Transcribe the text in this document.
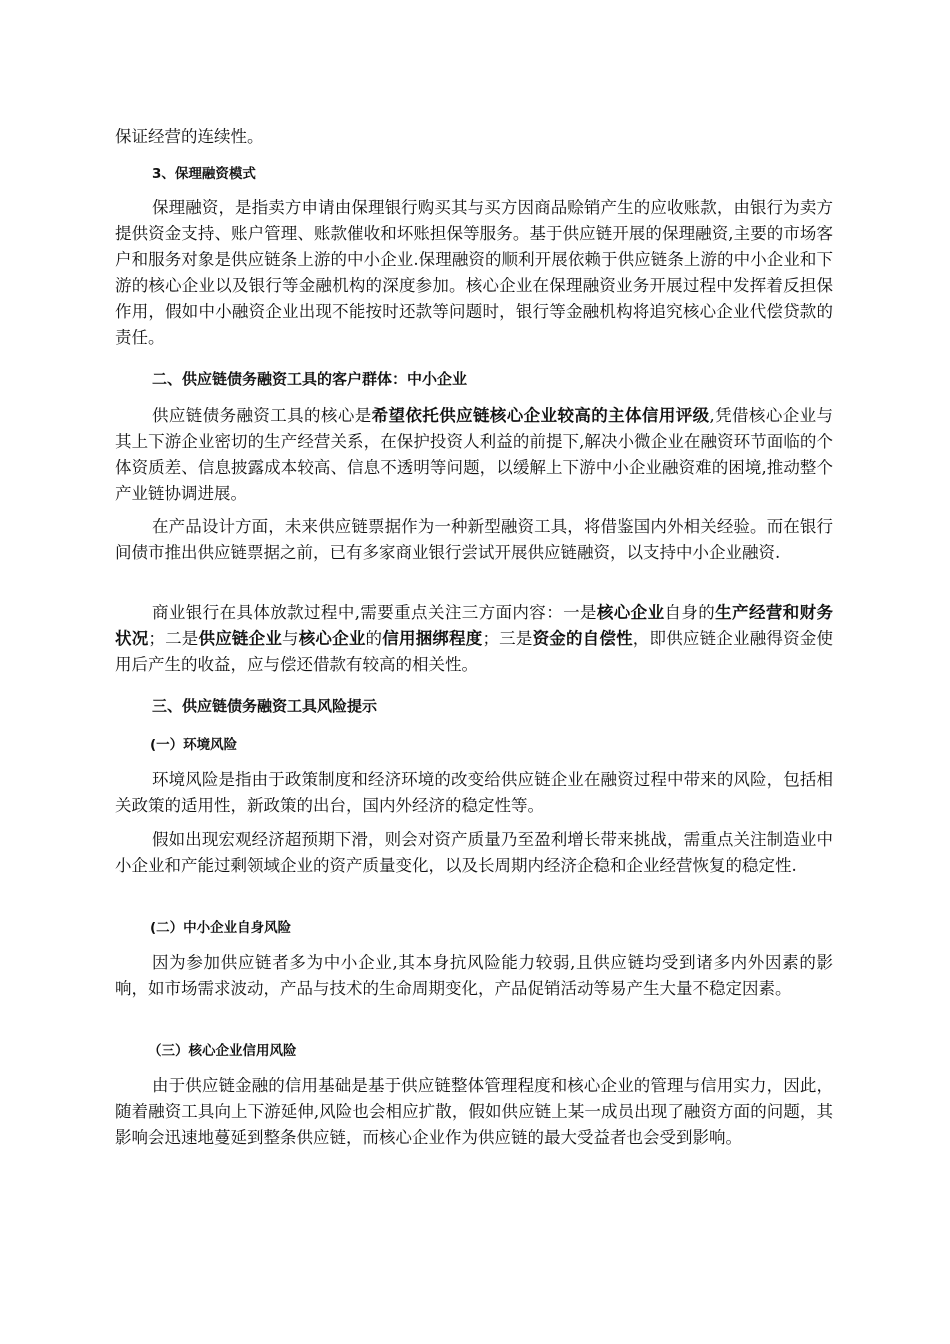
保证经营的连续性。

3、保理融资模式

保理融资，是指卖方申请由保理银行购买其与买方因商品赊销产生的应收账款，由银行为卖方提供资金支持、账户管理、账款催收和坏账担保等服务。基于供应链开展的保理融资,主要的市场客户和服务对象是供应链条上游的中小企业.保理融资的顺利开展依赖于供应链条上游的中小企业和下游的核心企业以及银行等金融机构的深度参加。核心企业在保理融资业务开展过程中发挥着反担保作用，假如中小融资企业出现不能按时还款等问题时，银行等金融机构将追究核心企业代偿贷款的责任。

二、供应链债务融资工具的客户群体：中小企业

供应链债务融资工具的核心是希望依托供应链核心企业较高的主体信用评级,凭借核心企业与其上下游企业密切的生产经营关系，在保护投资人利益的前提下,解决小微企业在融资环节面临的个体资质差、信息披露成本较高、信息不透明等问题，以缓解上下游中小企业融资难的困境,推动整个产业链协调进展。

在产品设计方面，未来供应链票据作为一种新型融资工具，将借鉴国内外相关经验。而在银行间债市推出供应链票据之前，已有多家商业银行尝试开展供应链融资，以支持中小企业融资.

商业银行在具体放款过程中,需要重点关注三方面内容：一是核心企业自身的生产经营和财务状况；二是供应链企业与核心企业的信用捆绑程度；三是资金的自偿性，即供应链企业融得资金使用后产生的收益，应与偿还借款有较高的相关性。

三、供应链债务融资工具风险提示
(一）环境风险

环境风险是指由于政策制度和经济环境的改变给供应链企业在融资过程中带来的风险，包括相关政策的适用性，新政策的出台，国内外经济的稳定性等。

假如出现宏观经济超预期下滑，则会对资产质量乃至盈利增长带来挑战，需重点关注制造业中小企业和产能过剩领域企业的资产质量变化，以及长周期内经济企稳和企业经营恢复的稳定性.

(二）中小企业自身风险

因为参加供应链者多为中小企业,其本身抗风险能力较弱,且供应链均受到诸多内外因素的影响，如市场需求波动，产品与技术的生命周期变化，产品促销活动等易产生大量不稳定因素。

（三）核心企业信用风险

由于供应链金融的信用基础是基于供应链整体管理程度和核心企业的管理与信用实力，因此，随着融资工具向上下游延伸,风险也会相应扩散，假如供应链上某一成员出现了融资方面的问题，其影响会迅速地蔓延到整条供应链，而核心企业作为供应链的最大受益者也会受到影响。
